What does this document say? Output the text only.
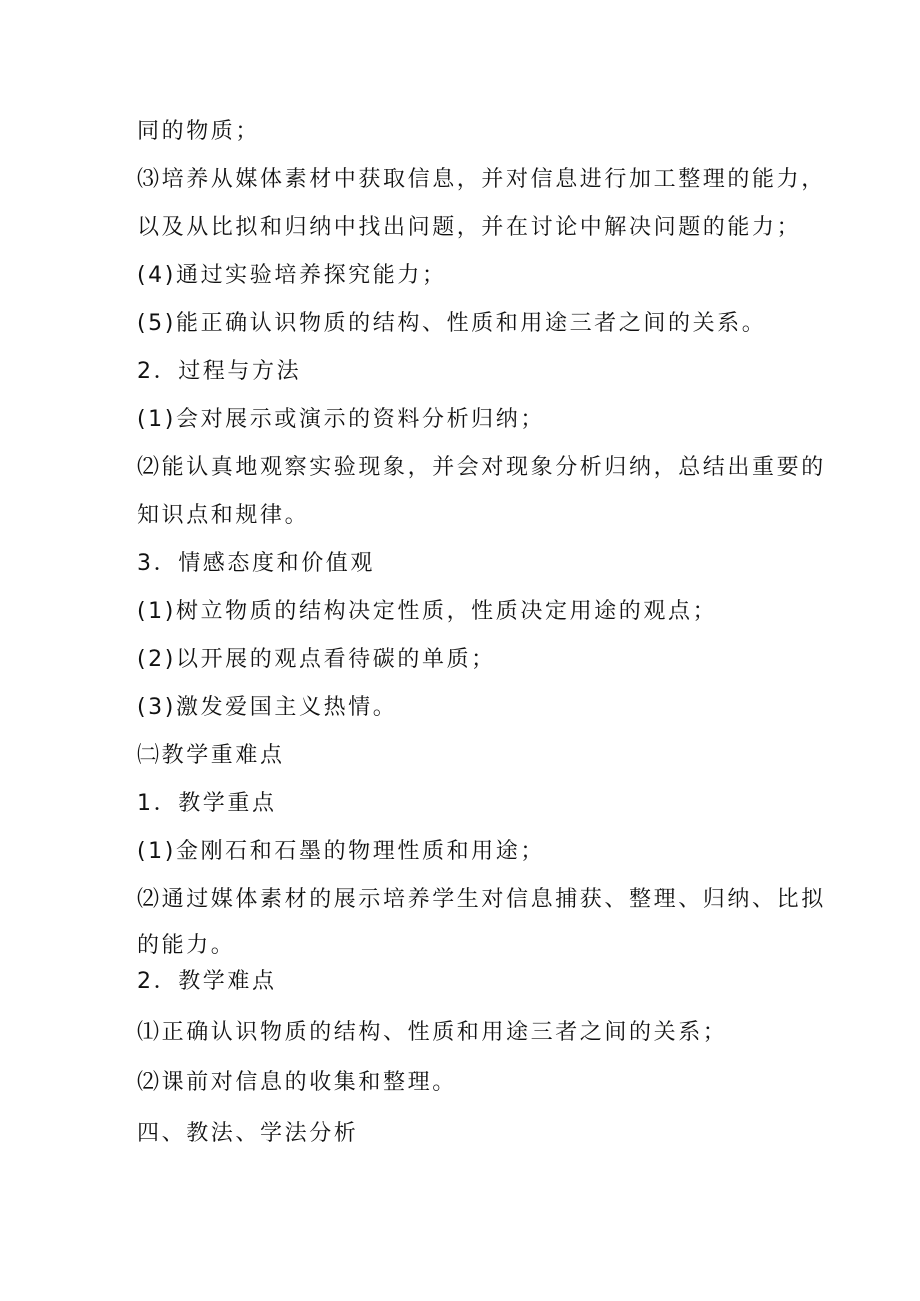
同的物质；
⑶培养从媒体素材中获取信息，并对信息进行加工整理的能力，
以及从比拟和归纳中找出问题，并在讨论中解决问题的能力；
(4)通过实验培养探究能力；
(5)能正确认识物质的结构、性质和用途三者之间的关系。
2．过程与方法
(1)会对展示或演示的资料分析归纳；
⑵能认真地观察实验现象，并会对现象分析归纳，总结出重要的
知识点和规律。
3．情感态度和价值观
(1)树立物质的结构决定性质，性质决定用途的观点；
(2)以开展的观点看待碳的单质；
(3)激发爱国主义热情。
㈡教学重难点
1．教学重点
(1)金刚石和石墨的物理性质和用途；
⑵通过媒体素材的展示培养学生对信息捕获、整理、归纳、比拟
的能力。
2．教学难点
⑴正确认识物质的结构、性质和用途三者之间的关系；
⑵课前对信息的收集和整理。
四、教法、学法分析
